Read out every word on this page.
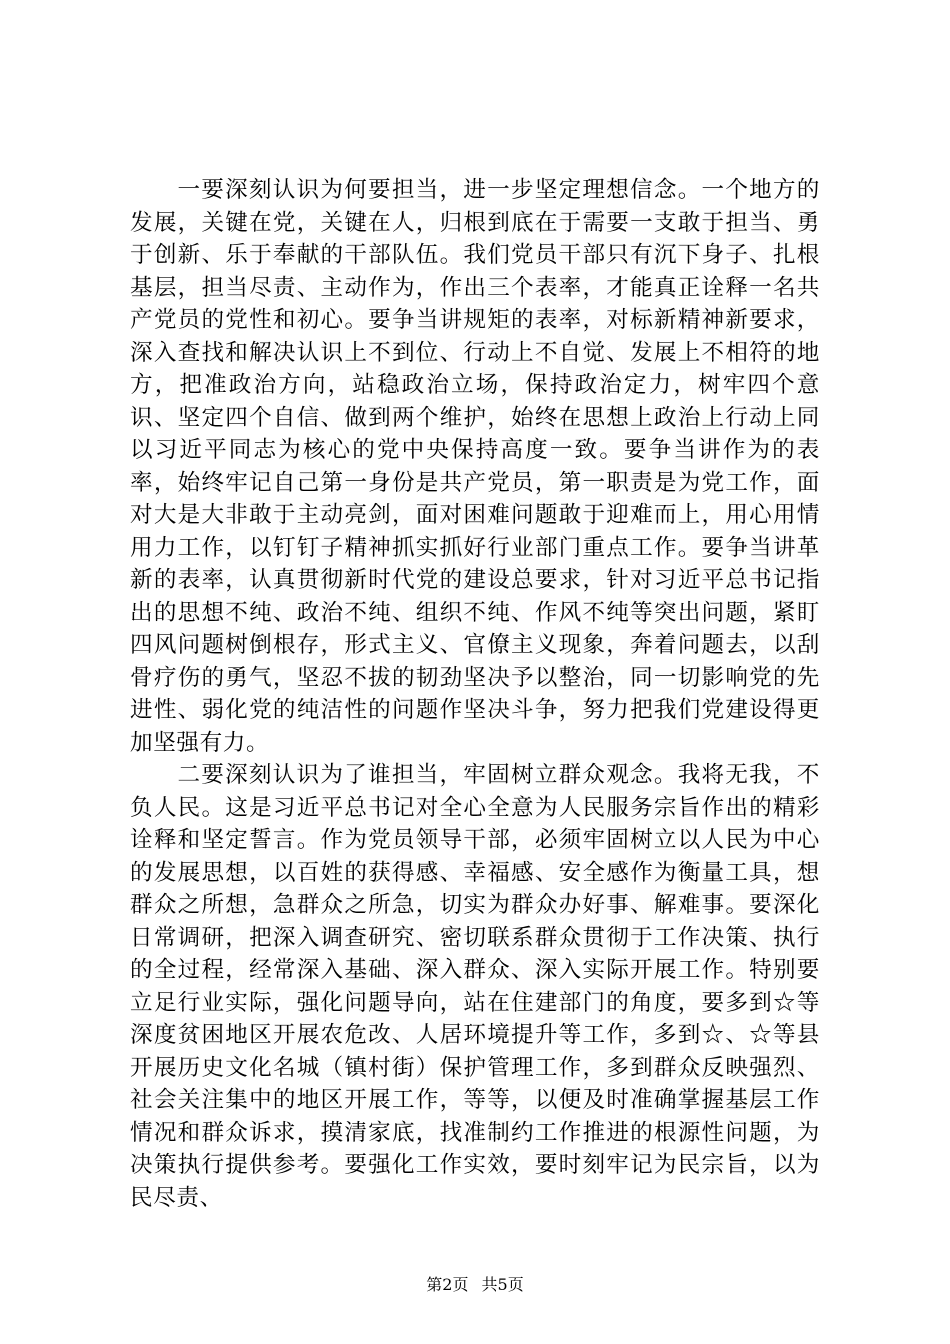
一要深刻认识为何要担当，进一步坚定理想信念。一个地方的发展，关键在党，关键在人，归根到底在于需要一支敢于担当、勇于创新、乐于奉献的干部队伍。我们党员干部只有沉下身子、扎根基层，担当尽责、主动作为，作出三个表率，才能真正诠释一名共产党员的党性和初心。要争当讲规矩的表率，对标新精神新要求，深入查找和解决认识上不到位、行动上不自觉、发展上不相符的地方，把准政治方向，站稳政治立场，保持政治定力，树牢四个意识、坚定四个自信、做到两个维护，始终在思想上政治上行动上同以习近平同志为核心的党中央保持高度一致。要争当讲作为的表率，始终牢记自己第一身份是共产党员，第一职责是为党工作，面对大是大非敢于主动亮剑，面对困难问题敢于迎难而上，用心用情用力工作，以钉钉子精神抓实抓好行业部门重点工作。要争当讲革新的表率，认真贯彻新时代党的建设总要求，针对习近平总书记指出的思想不纯、政治不纯、组织不纯、作风不纯等突出问题，紧盯四风问题树倒根存，形式主义、官僚主义现象，奔着问题去，以刮骨疗伤的勇气，坚忍不拔的韧劲坚决予以整治，同一切影响党的先进性、弱化党的纯洁性的问题作坚决斗争，努力把我们党建设得更加坚强有力。

二要深刻认识为了谁担当，牢固树立群众观念。我将无我，不负人民。这是习近平总书记对全心全意为人民服务宗旨作出的精彩诠释和坚定誓言。作为党员领导干部，必须牢固树立以人民为中心的发展思想，以百姓的获得感、幸福感、安全感作为衡量工具，想群众之所想，急群众之所急，切实为群众办好事、解难事。要深化日常调研，把深入调查研究、密切联系群众贯彻于工作决策、执行的全过程，经常深入基础、深入群众、深入实际开展工作。特别要立足行业实际，强化问题导向，站在住建部门的角度，要多到☆等深度贫困地区开展农危改、人居环境提升等工作，多到☆、☆等县开展历史文化名城（镇村街）保护管理工作，多到群众反映强烈、社会关注集中的地区开展工作，等等，以便及时准确掌握基层工作情况和群众诉求，摸清家底，找准制约工作推进的根源性问题，为决策执行提供参考。要强化工作实效，要时刻牢记为民宗旨，以为民尽责、

第2页 共5页
